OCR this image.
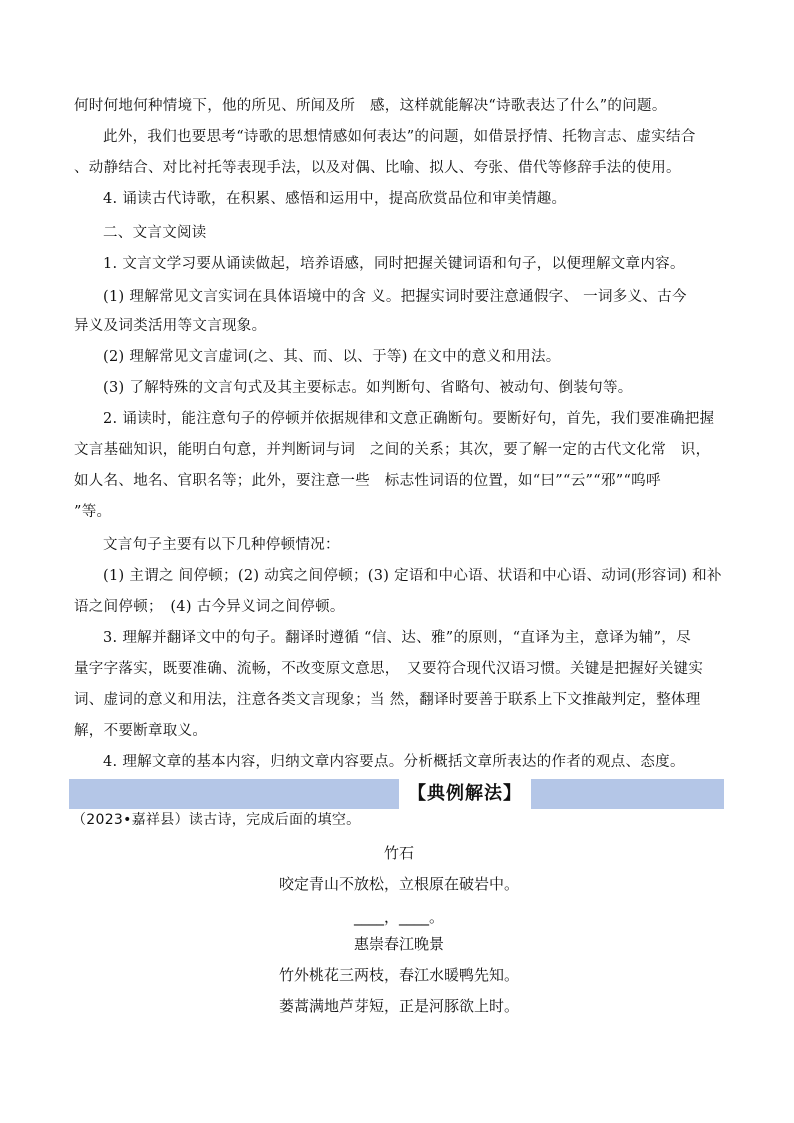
何时何地何种情境下，他的所见、所闻及所　感，这样就能解决“诗歌表达了什么”的问题。
此外，我们也要思考“诗歌的思想情感如何表达”的问题，如借景抒情、托物言志、虚实结合
、动静结合、对比衬托等表现手法，以及对偶、比喻、拟人、夸张、借代等修辞手法的使用。
4. 诵读古代诗歌，在积累、感悟和运用中，提高欣赏品位和审美情趣。
二、文言文阅读
1. 文言文学习要从诵读做起，培养语感，同时把握关键词语和句子，以便理解文章内容。
(1) 理解常见文言实词在具体语境中的含 义。把握实词时要注意通假字、 一词多义、古今
异义及词类活用等文言现象。
(2) 理解常见文言虚词(之、其、而、以、于等) 在文中的意义和用法。
(3) 了解特殊的文言句式及其主要标志。如判断句、省略句、被动句、倒装句等。
2. 诵读时，能注意句子的停顿并依据规律和文意正确断句。要断好句，首先，我们要准确把握
文言基础知识，能明白句意，并判断词与词　之间的关系；其次，要了解一定的古代文化常　识，
如人名、地名、官职名等；此外，要注意一些　标志性词语的位置，如“曰”“云”“邪”“呜呼
”等。
文言句子主要有以下几种停顿情况：
(1) 主谓之 间停顿；(2) 动宾之间停顿；(3) 定语和中心语、状语和中心语、动词(形容词) 和补
语之间停顿；　(4) 古今异义词之间停顿。
3. 理解并翻译文中的句子。翻译时遵循 “信、达、雅”的原则，“直译为主，意译为辅”，尽
量字字落实，既要准确、流畅，不改变原文意思，　又要符合现代汉语习惯。关键是把握好关键实
词、虚词的意义和用法，注意各类文言现象；当 然，翻译时要善于联系上下文推敲判定，整体理
解，不要断章取义。
4. 理解文章的基本内容，归纳文章内容要点。分析概括文章所表达的作者的观点、态度。
【典例解法】
（2023•嘉祥县）读古诗，完成后面的填空。
竹石
咬定青山不放松，立根原在破岩中。
____，____。
惠崇春江晚景
竹外桃花三两枝，春江水暖鸭先知。
蒌蒿满地芦芽短，正是河豚欲上时。
